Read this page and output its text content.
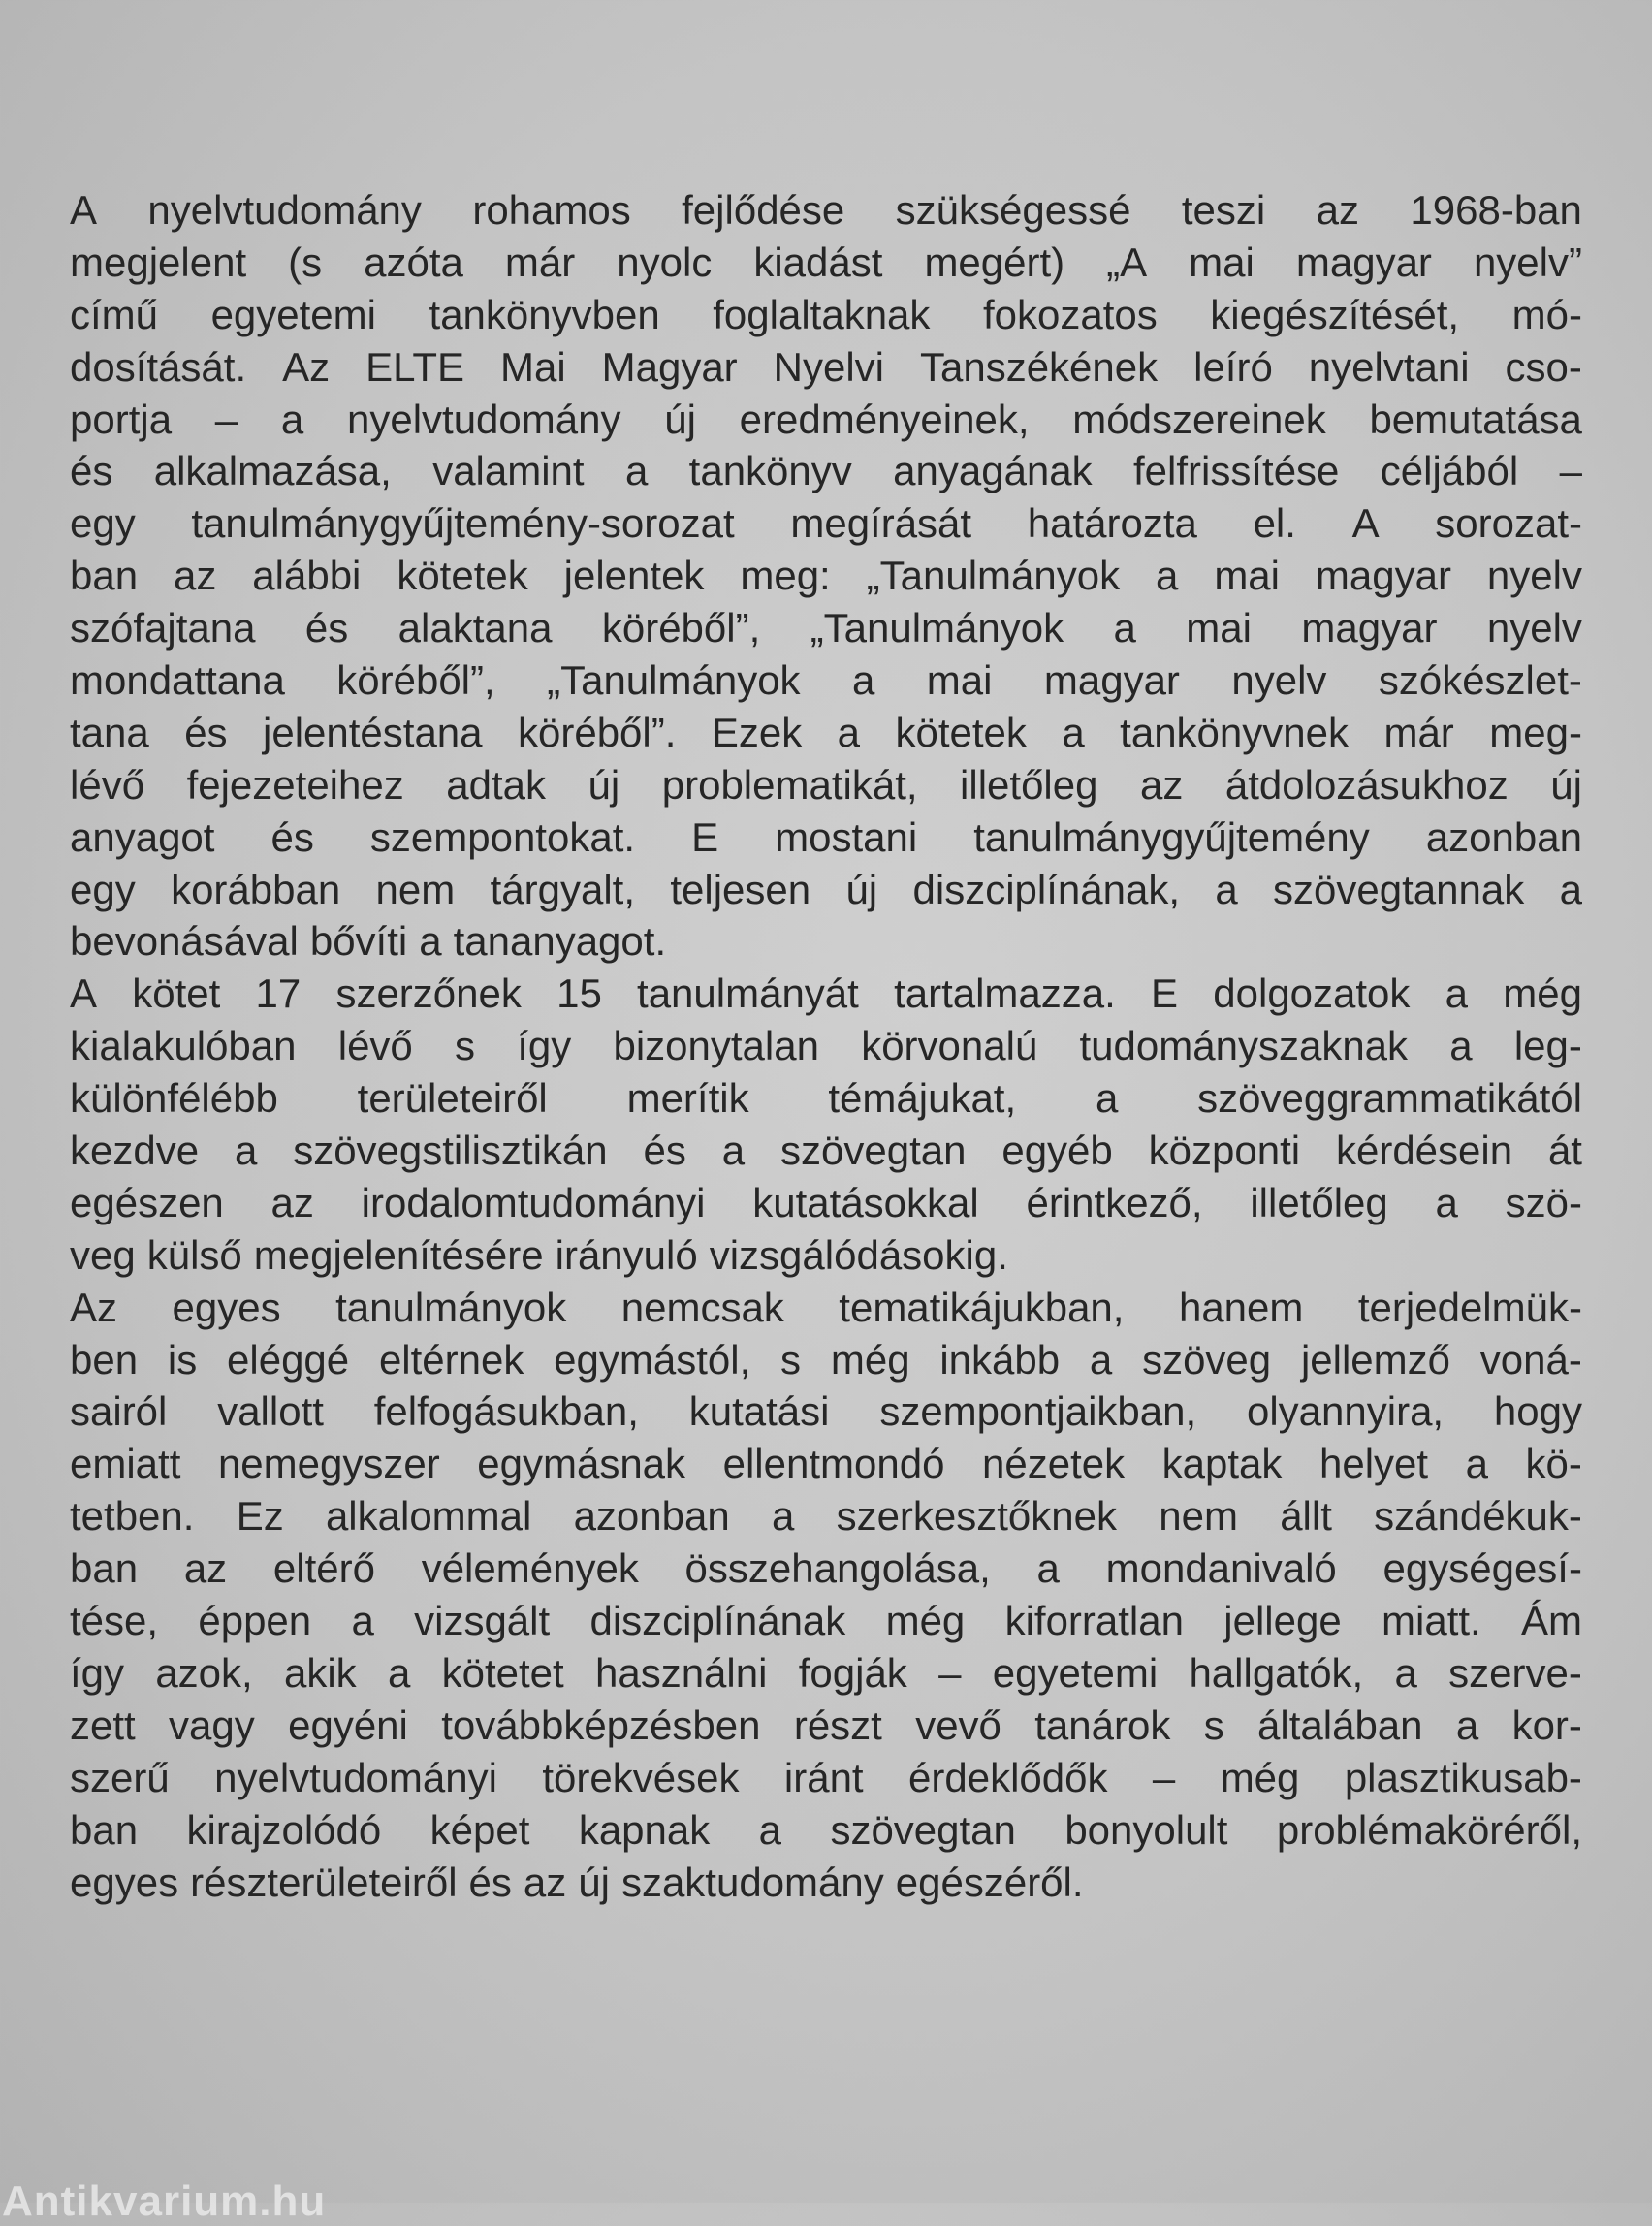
A nyelvtudomány rohamos fejlődése szükségessé teszi az 1968-ban
megjelent (s azóta már nyolc kiadást megért) „A mai magyar nyelv”
című egyetemi tankönyvben foglaltaknak fokozatos kiegészítését, mó-
dosítását. Az ELTE Mai Magyar Nyelvi Tanszékének leíró nyelvtani cso-
portja – a nyelvtudomány új eredményeinek, módszereinek bemutatása
és alkalmazása, valamint a tankönyv anyagának felfrissítése céljából –
egy tanulmánygyűjtemény-sorozat megírását határozta el. A sorozat-
ban az alábbi kötetek jelentek meg: „Tanulmányok a mai magyar nyelv
szófajtana és alaktana köréből”, „Tanulmányok a mai magyar nyelv
mondattana köréből”, „Tanulmányok a mai magyar nyelv szókészlet-
tana és jelentéstana köréből”. Ezek a kötetek a tankönyvnek már meg-
lévő fejezeteihez adtak új problematikát, illetőleg az átdolozásukhoz új
anyagot és szempontokat. E mostani tanulmánygyűjtemény azonban
egy korábban nem tárgyalt, teljesen új diszciplínának, a szövegtannak a
bevonásával bővíti a tananyagot.
A kötet 17 szerzőnek 15 tanulmányát tartalmazza. E dolgozatok a még
kialakulóban lévő s így bizonytalan körvonalú tudományszaknak a leg-
különfélébb területeiről merítik témájukat, a szöveggrammatikától
kezdve a szövegstilisztikán és a szövegtan egyéb központi kérdésein át
egészen az irodalomtudományi kutatásokkal érintkező, illetőleg a szö-
veg külső megjelenítésére irányuló vizsgálódásokig.
Az egyes tanulmányok nemcsak tematikájukban, hanem terjedelmük-
ben is eléggé eltérnek egymástól, s még inkább a szöveg jellemző voná-
sairól vallott felfogásukban, kutatási szempontjaikban, olyannyira, hogy
emiatt nemegyszer egymásnak ellentmondó nézetek kaptak helyet a kö-
tetben. Ez alkalommal azonban a szerkesztőknek nem állt szándékuk-
ban az eltérő vélemények összehangolása, a mondanivaló egységesí-
tése, éppen a vizsgált diszciplínának még kiforratlan jellege miatt. Ám
így azok, akik a kötetet használni fogják – egyetemi hallgatók, a szerve-
zett vagy egyéni továbbképzésben részt vevő tanárok s általában a kor-
szerű nyelvtudományi törekvések iránt érdeklődők – még plasztikusab-
ban kirajzolódó képet kapnak a szövegtan bonyolult problémaköréről,
egyes részterületeiről és az új szaktudomány egészéről.
Antikvarium.hu
